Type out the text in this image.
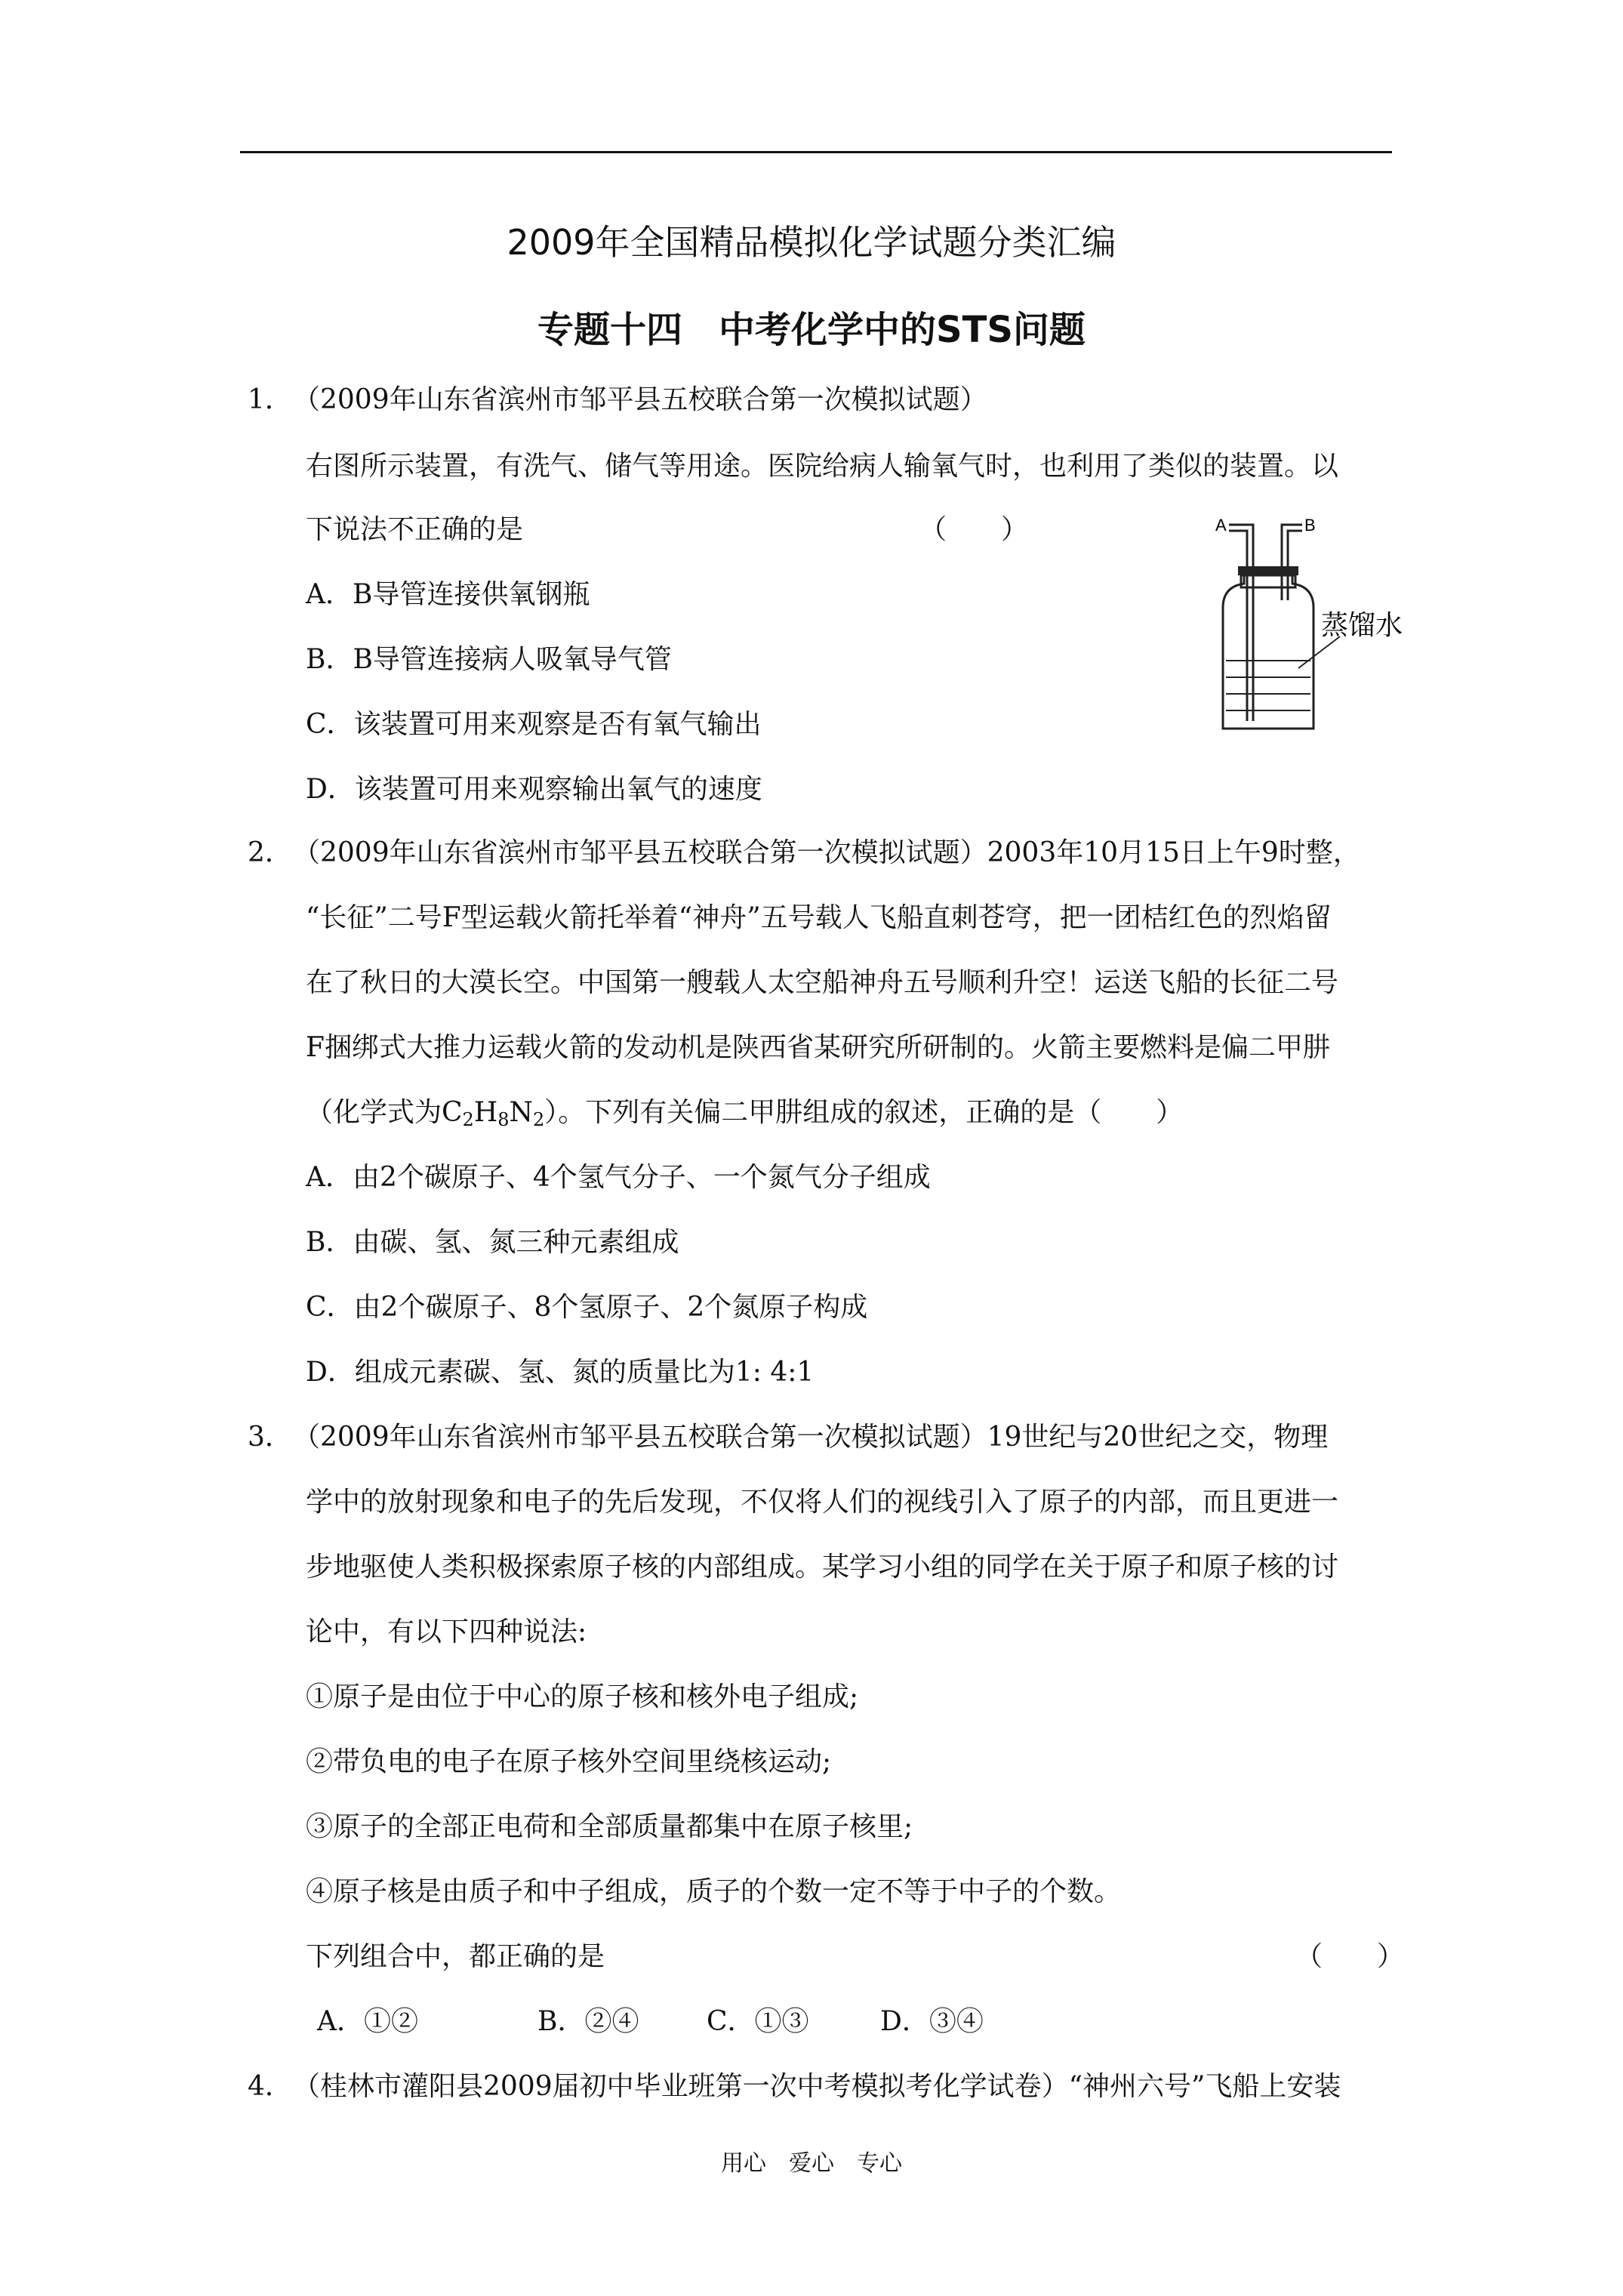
2009年全国精品模拟化学试题分类汇编
专题十四　中考化学中的STS问题
1． （2009年山东省滨州市邹平县五校联合第一次模拟试题）
右图所示装置，有洗气、储气等用途。医院给病人输氧气时，也利用了类似的装置。以
下说法不正确的是	（　　）
A．B导管连接供氧钢瓶
B．B导管连接病人吸氧导气管
C．该装置可用来观察是否有氧气输出
D．该装置可用来观察输出氧气的速度
A	B
蒸馏水
2． （2009年山东省滨州市邹平县五校联合第一次模拟试题）2003年10月15日上午9时整，
“长征”二号F型运载火箭托举着“神舟”五号载人飞船直刺苍穹，把一团桔红色的烈焰留
在了秋日的大漠长空。中国第一艘载人太空船神舟五号顺利升空！运送飞船的长征二号
F捆绑式大推力运载火箭的发动机是陕西省某研究所研制的。火箭主要燃料是偏二甲肼
（化学式为$C_2H_8N_2$）。下列有关偏二甲肼组成的叙述，正确的是（　　）
A．由2个碳原子、4个氢气分子、一个氮气分子组成
B．由碳、氢、氮三种元素组成
C．由2个碳原子、8个氢原子、2个氮原子构成
D．组成元素碳、氢、氮的质量比为1: 4:1
3． （2009年山东省滨州市邹平县五校联合第一次模拟试题）19世纪与20世纪之交，物理
学中的放射现象和电子的先后发现，不仅将人们的视线引入了原子的内部，而且更进一
步地驱使人类积极探索原子核的内部组成。某学习小组的同学在关于原子和原子核的讨
论中，有以下四种说法:
①原子是由位于中心的原子核和核外电子组成;
②带负电的电子在原子核外空间里绕核运动;
③原子的全部正电荷和全部质量都集中在原子核里;
④原子核是由质子和中子组成，质子的个数一定不等于中子的个数。
下列组合中，都正确的是	（　　）
A．①②	B．②④ C．①③	D．③④
4． （桂林市灌阳县2009届初中毕业班第一次中考模拟考化学试卷）“神州六号”飞船上安装
用心　爱心　专心
